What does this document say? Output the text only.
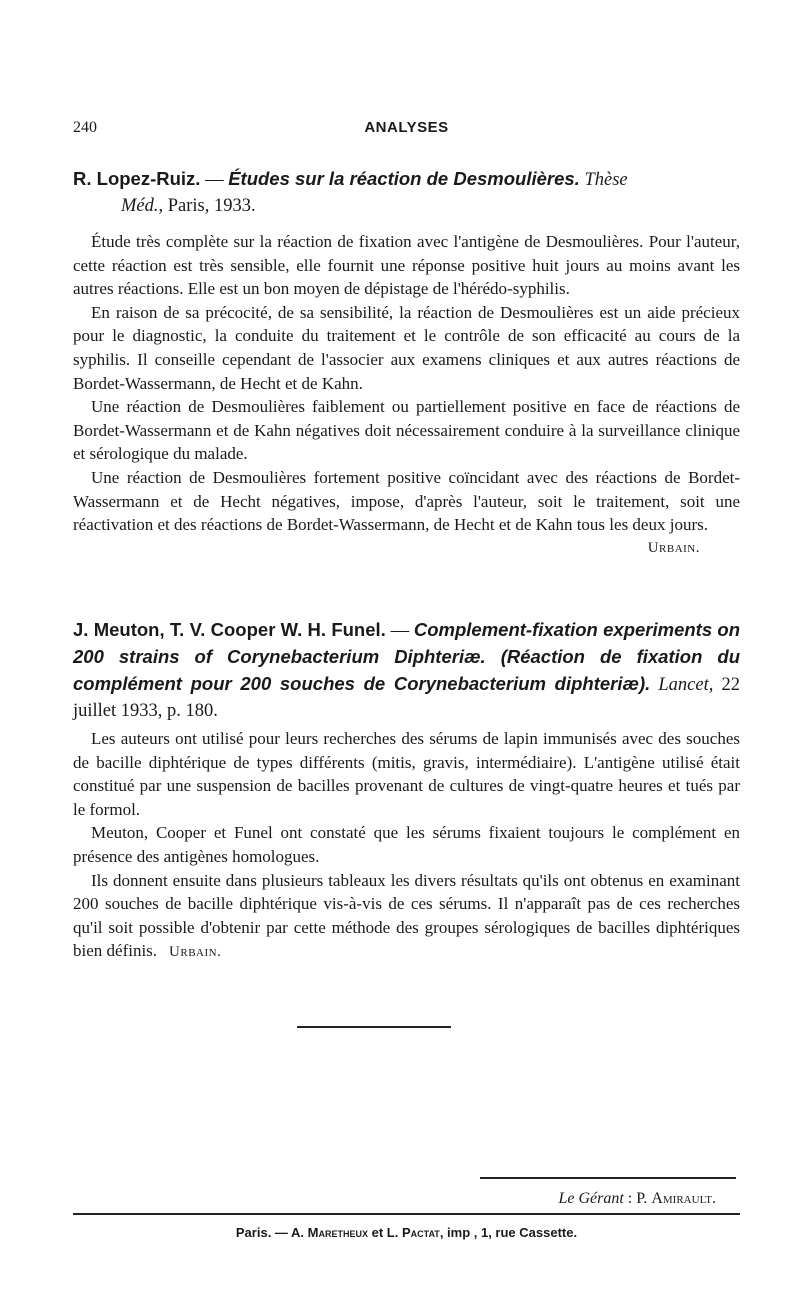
240	ANALYSES
R. Lopez-Ruiz. — Études sur la réaction de Desmoulières. Thèse
Méd., Paris, 1933.

Étude très complète sur la réaction de fixation avec l'antigène de Desmoulières. Pour l'auteur, cette réaction est très sensible, elle fournit une réponse positive huit jours au moins avant les autres réactions. Elle est un bon moyen de dépistage de l'hérédo-syphilis.

En raison de sa précocité, de sa sensibilité, la réaction de Desmoulières est un aide précieux pour le diagnostic, la conduite du traitement et le contrôle de son efficacité au cours de la syphilis. Il conseille cependant de l'associer aux examens cliniques et aux autres réactions de Bordet-Wassermann, de Hecht et de Kahn.

Une réaction de Desmoulières faiblement ou partiellement positive en face de réactions de Bordet-Wassermann et de Kahn négatives doit nécessairement conduire à la surveillance clinique et sérologique du malade.

Une réaction de Desmoulières fortement positive coïncidant avec des réactions de Bordet-Wassermann et de Hecht négatives, impose, d'après l'auteur, soit le traitement, soit une réactivation et des réactions de Bordet-Wassermann, de Hecht et de Kahn tous les deux jours.
Urbain.

J. Meuton, T. V. Cooper W. H. Funel. — Complement-fixation experiments on 200 strains of Corynebacterium Diphteriæ. (Réaction de fixation du complément pour 200 souches de Corynebacterium diphteriæ). Lancet, 22 juillet 1933, p. 180.

Les auteurs ont utilisé pour leurs recherches des sérums de lapin immunisés avec des souches de bacille diphtérique de types différents (mitis, gravis, intermédiaire). L'antigène utilisé était constitué par une suspension de bacilles provenant de cultures de vingt-quatre heures et tués par le formol.

Meuton, Cooper et Funel ont constaté que les sérums fixaient toujours le complément en présence des antigènes homologues.

Ils donnent ensuite dans plusieurs tableaux les divers résultats qu'ils ont obtenus en examinant 200 souches de bacille diphtérique vis-à-vis de ces sérums. Il n'apparaît pas de ces recherches qu'il soit possible d'obtenir par cette méthode des groupes sérologiques de bacilles diphtériques bien définis. Urbain.

Le Gérant : P. Amirault.
Paris. — A. Maretheux et L. Pactat, imp , 1, rue Cassette.
